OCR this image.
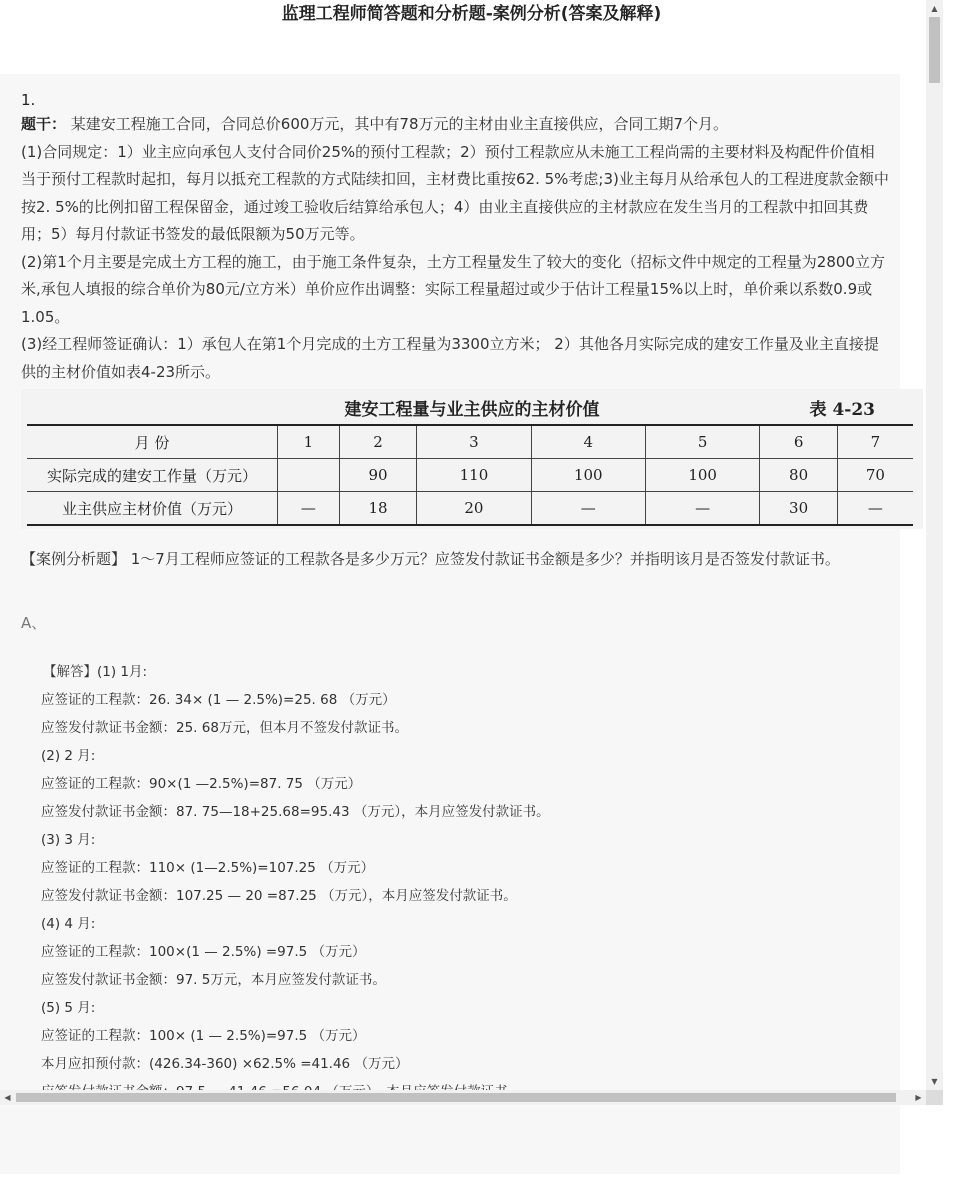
监理工程师简答题和分析题-案例分析(答案及解释)
1.

题干： 某建安工程施工合同，合同总价600万元，其中有78万元的主材由业主直接供应，合同工期7个月。

(1)合同规定：1）业主应向承包人支付合同价25%的预付工程款；2）预付工程款应从未施工工程尚需的主要材料及构配件价值相当于预付工程款时起扣，每月以抵充工程款的方式陆续扣回，主材费比重按62. 5%考虑;3)业主每月从给承包人的工程进度款金额中按2. 5%的比例扣留工程保留金，通过竣工验收后结算给承包人；4）由业主直接供应的主材款应在发生当月的工程款中扣回其费用；5）每月付款证书签发的最低限额为50万元等。

(2)第1个月主要是完成土方工程的施工，由于施工条件复杂，土方工程量发生了较大的变化（招标文件中规定的工程量为2800立方米,承包人填报的综合单价为80元/立方米）单价应作出调整：实际工程量超过或少于估计工程量15%以上时，单价乘以系数0.9或1.05。

(3)经工程师签证确认：1）承包人在第1个月完成的土方工程量为3300立方米； 2）其他各月实际完成的建安工作量及业主直接提供的主材价值如表4-23所示。

建安工程量与业主供应的主材价值	表 4-23
月 份	1	2	3	4	5	6	7
实际完成的建安工作量（万元）		90	110	100	100	80	70
业主供应主材价值（万元）	—	18	20	—	—	30	—
【案例分析题】 1～7月工程师应签证的工程款各是多少万元？应签发付款证书金额是多少？并指明该月是否签发付款证书。
A、
【解答】(1) 1月:
应签证的工程款：26. 34× (1 — 2.5%)=25. 68 （万元）
应签发付款证书金额：25. 68万元，但本月不签发付款证书。
(2) 2 月:
应签证的工程款：90×(1 —2.5%)=87. 75 （万元）
应签发付款证书金额：87. 75—18+25.68=95.43 （万元），本月应签发付款证书。
(3) 3 月:
应签证的工程款：110× (1—2.5%)=107.25 （万元）
应签发付款证书金额：107.25 — 20 =87.25 （万元），本月应签发付款证书。
(4) 4 月:
应签证的工程款：100×(1 — 2.5%) =97.5 （万元）
应签发付款证书金额：97. 5万元，本月应签发付款证书。
(5) 5 月:
应签证的工程款：100× (1 — 2.5%)=97.5 （万元）
本月应扣预付款：(426.34-360) ×62.5% =41.46 （万元）
▲
▼
◀	▶
